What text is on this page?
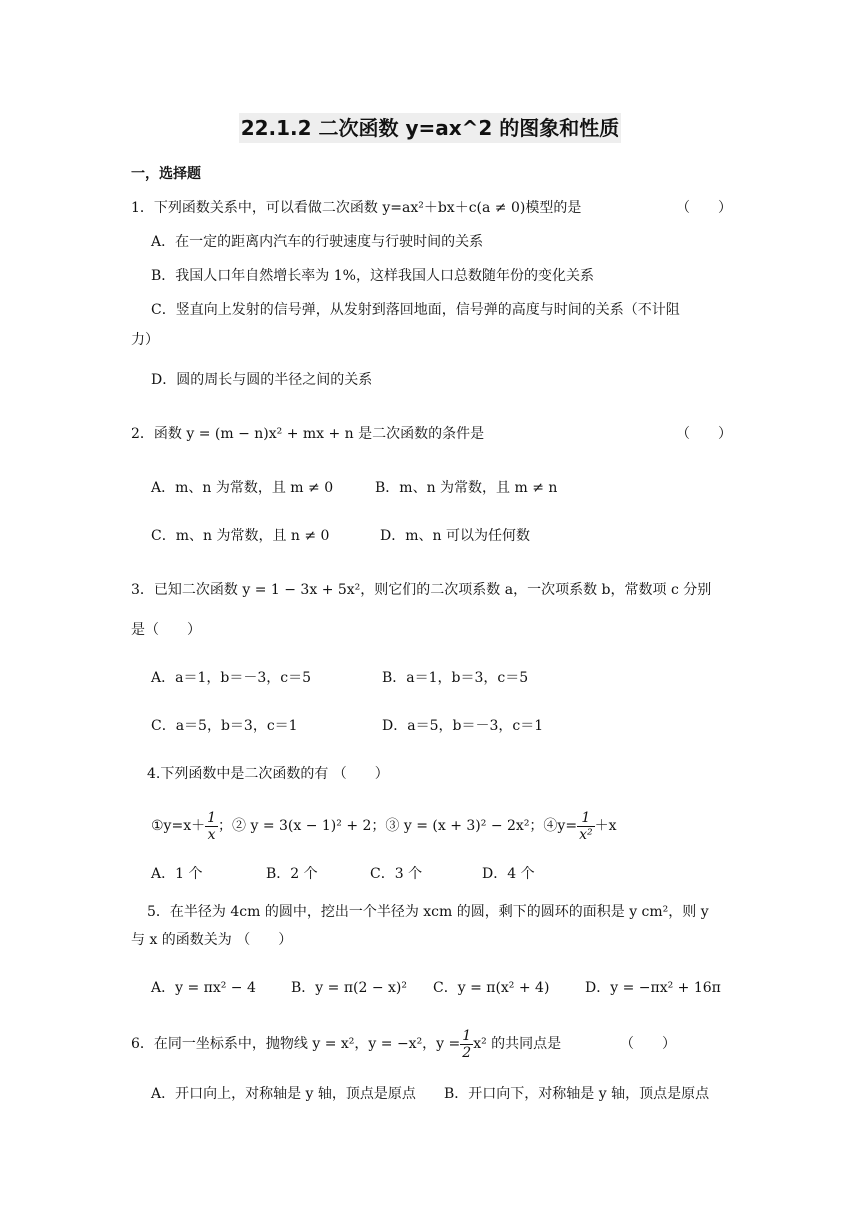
22.1.2 二次函数 y=ax^2 的图象和性质
一，选择题
1．下列函数关系中，可以看做二次函数 y=ax²＋bx＋c(a ≠ 0)模型的是	（　　）
A．在一定的距离内汽车的行驶速度与行驶时间的关系
B．我国人口年自然增长率为 1%，这样我国人口总数随年份的变化关系
C．竖直向上发射的信号弹，从发射到落回地面，信号弹的高度与时间的关系（不计阻
力）
D．圆的周长与圆的半径之间的关系
2．函数 y = (m − n)x² + mx + n 是二次函数的条件是	（　　）
A．m、n 为常数，且 m ≠ 0	B．m、n 为常数，且 m ≠ n
C．m、n 为常数，且 n ≠ 0	D．m、n 可以为任何数
3．已知二次函数 y = 1 − 3x + 5x²，则它们的二次项系数 a，一次项系数 b，常数项 c 分别
是（　　）
A．a＝1，b＝－3，c＝5	B．a＝1，b＝3，c＝5
C．a＝5，b＝3，c＝1	D．a＝5，b＝－3，c＝1
4.下列函数中是二次函数的有 （　　）
①y=x＋ $\frac{1}{x}$ ；② y = 3(x − 1)² + 2；③ y = (x + 3)² − 2x²；④y= $\frac{1}{\text{x²}} +x$
A．1 个	B．2 个	C．3 个	D．4 个
5．在半径为 4cm 的圆中，挖出一个半径为 xcm 的圆，剩下的圆环的面积是 y cm²，则 y
与 x 的函数关为 （　　）
A．y = πx² − 4	B．y = π(2 − x)² C．y = π(x² + 4)	D．y = −πx² + 16π
6．在同一坐标系中，抛物线 y = x²，y = −x²，$y = \frac{1}{2} x^2$ 的共同点是	（　　）
A．开口向上，对称轴是 y 轴，顶点是原点 B．开口向下，对称轴是 y 轴，顶点是原点
